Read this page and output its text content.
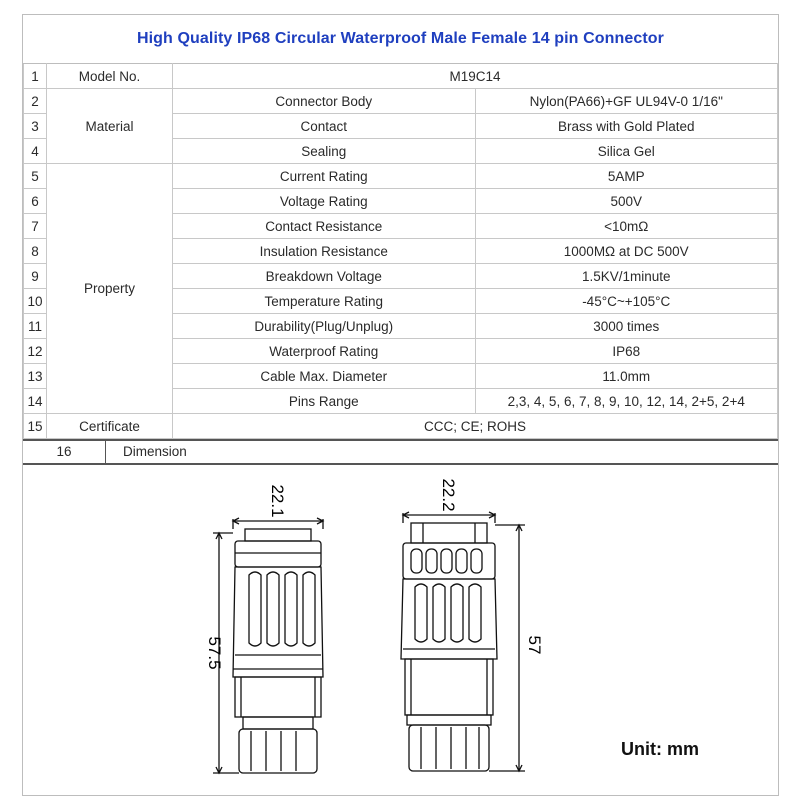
High Quality IP68 Circular Waterproof Male Female 14 pin Connector
1	Model No.	M19C14	
2	Material	Connector Body	Nylon(PA66)+GF UL94V-0 1/16"
3		Contact	Brass with Gold Plated
4		Sealing	Silica Gel
5	Property	Current Rating	5AMP
6		Voltage Rating	500V
7		Contact Resistance	<10mΩ
8		Insulation Resistance	1000MΩ at DC 500V
9		Breakdown Voltage	1.5KV/1minute
10		Temperature Rating	-45°C~+105°C
11		Durability(Plug/Unplug)	3000 times
12		Waterproof Rating	IP68
13		Cable Max. Diameter	11.0mm
14		Pins Range	2,3, 4, 5, 6, 7, 8, 9, 10, 12, 14, 2+5, 2+4
15	Certificate	CCC; CE; ROHS	
16	Dimension
22.1
57.5
22.2
57
Unit: mm
